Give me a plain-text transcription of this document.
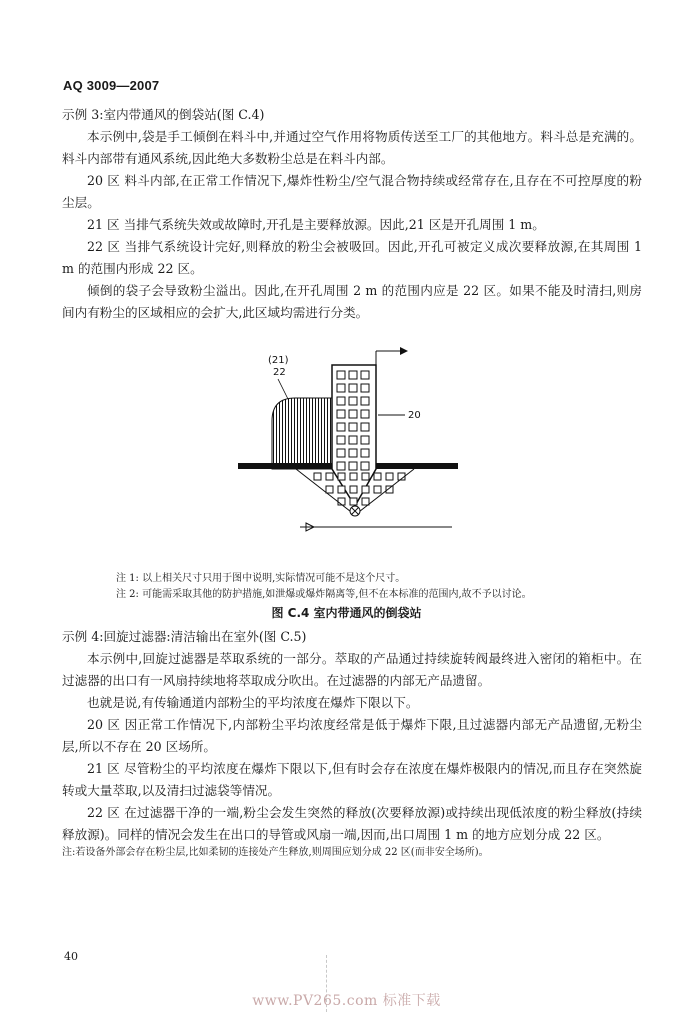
AQ 3009—2007

示例 3:室内带通风的倒袋站(图 C.4)

本示例中,袋是手工倾倒在料斗中,并通过空气作用将物质传送至工厂的其他地方。料斗总是充满的。料斗内部带有通风系统,因此绝大多数粉尘总是在料斗内部。

20 区 料斗内部,在正常工作情况下,爆炸性粉尘/空气混合物持续或经常存在,且存在不可控厚度的粉尘层。

21 区 当排气系统失效或故障时,开孔是主要释放源。因此,21 区是开孔周围 1 m。

22 区 当排气系统设计完好,则释放的粉尘会被吸回。因此,开孔可被定义成次要释放源,在其周围 1 m 的范围内形成 22 区。

倾倒的袋子会导致粉尘溢出。因此,在开孔周围 2 m 的范围内应是 22 区。如果不能及时清扫,则房间内有粉尘的区域相应的会扩大,此区域均需进行分类。

(21)
22
20
注 1: 以上相关尺寸只用于图中说明,实际情况可能不是这个尺寸。
注 2: 可能需采取其他的防护措施,如泄爆或爆炸隔离等,但不在本标准的范围内,故不予以讨论。
图 C.4 室内带通风的倒袋站

示例 4:回旋过滤器:清洁输出在室外(图 C.5)

本示例中,回旋过滤器是萃取系统的一部分。萃取的产品通过持续旋转阀最终进入密闭的箱柜中。在过滤器的出口有一风扇持续地将萃取成分吹出。在过滤器的内部无产品遗留。

也就是说,有传输通道内部粉尘的平均浓度在爆炸下限以下。

20 区 因正常工作情况下,内部粉尘平均浓度经常是低于爆炸下限,且过滤器内部无产品遗留,无粉尘层,所以不存在 20 区场所。

21 区 尽管粉尘的平均浓度在爆炸下限以下,但有时会存在浓度在爆炸极限内的情况,而且存在突然旋转或大量萃取,以及清扫过滤袋等情况。

22 区 在过滤器干净的一端,粉尘会发生突然的释放(次要释放源)或持续出现低浓度的粉尘释放(持续释放源)。同样的情况会发生在出口的导管或风扇一端,因而,出口周围 1 m 的地方应划分成 22 区。

注:若设备外部会存在粉尘层,比如柔韧的连接处产生释放,则周围应划分成 22 区(而非安全场所)。
40
www.PV265.com 标准下载
